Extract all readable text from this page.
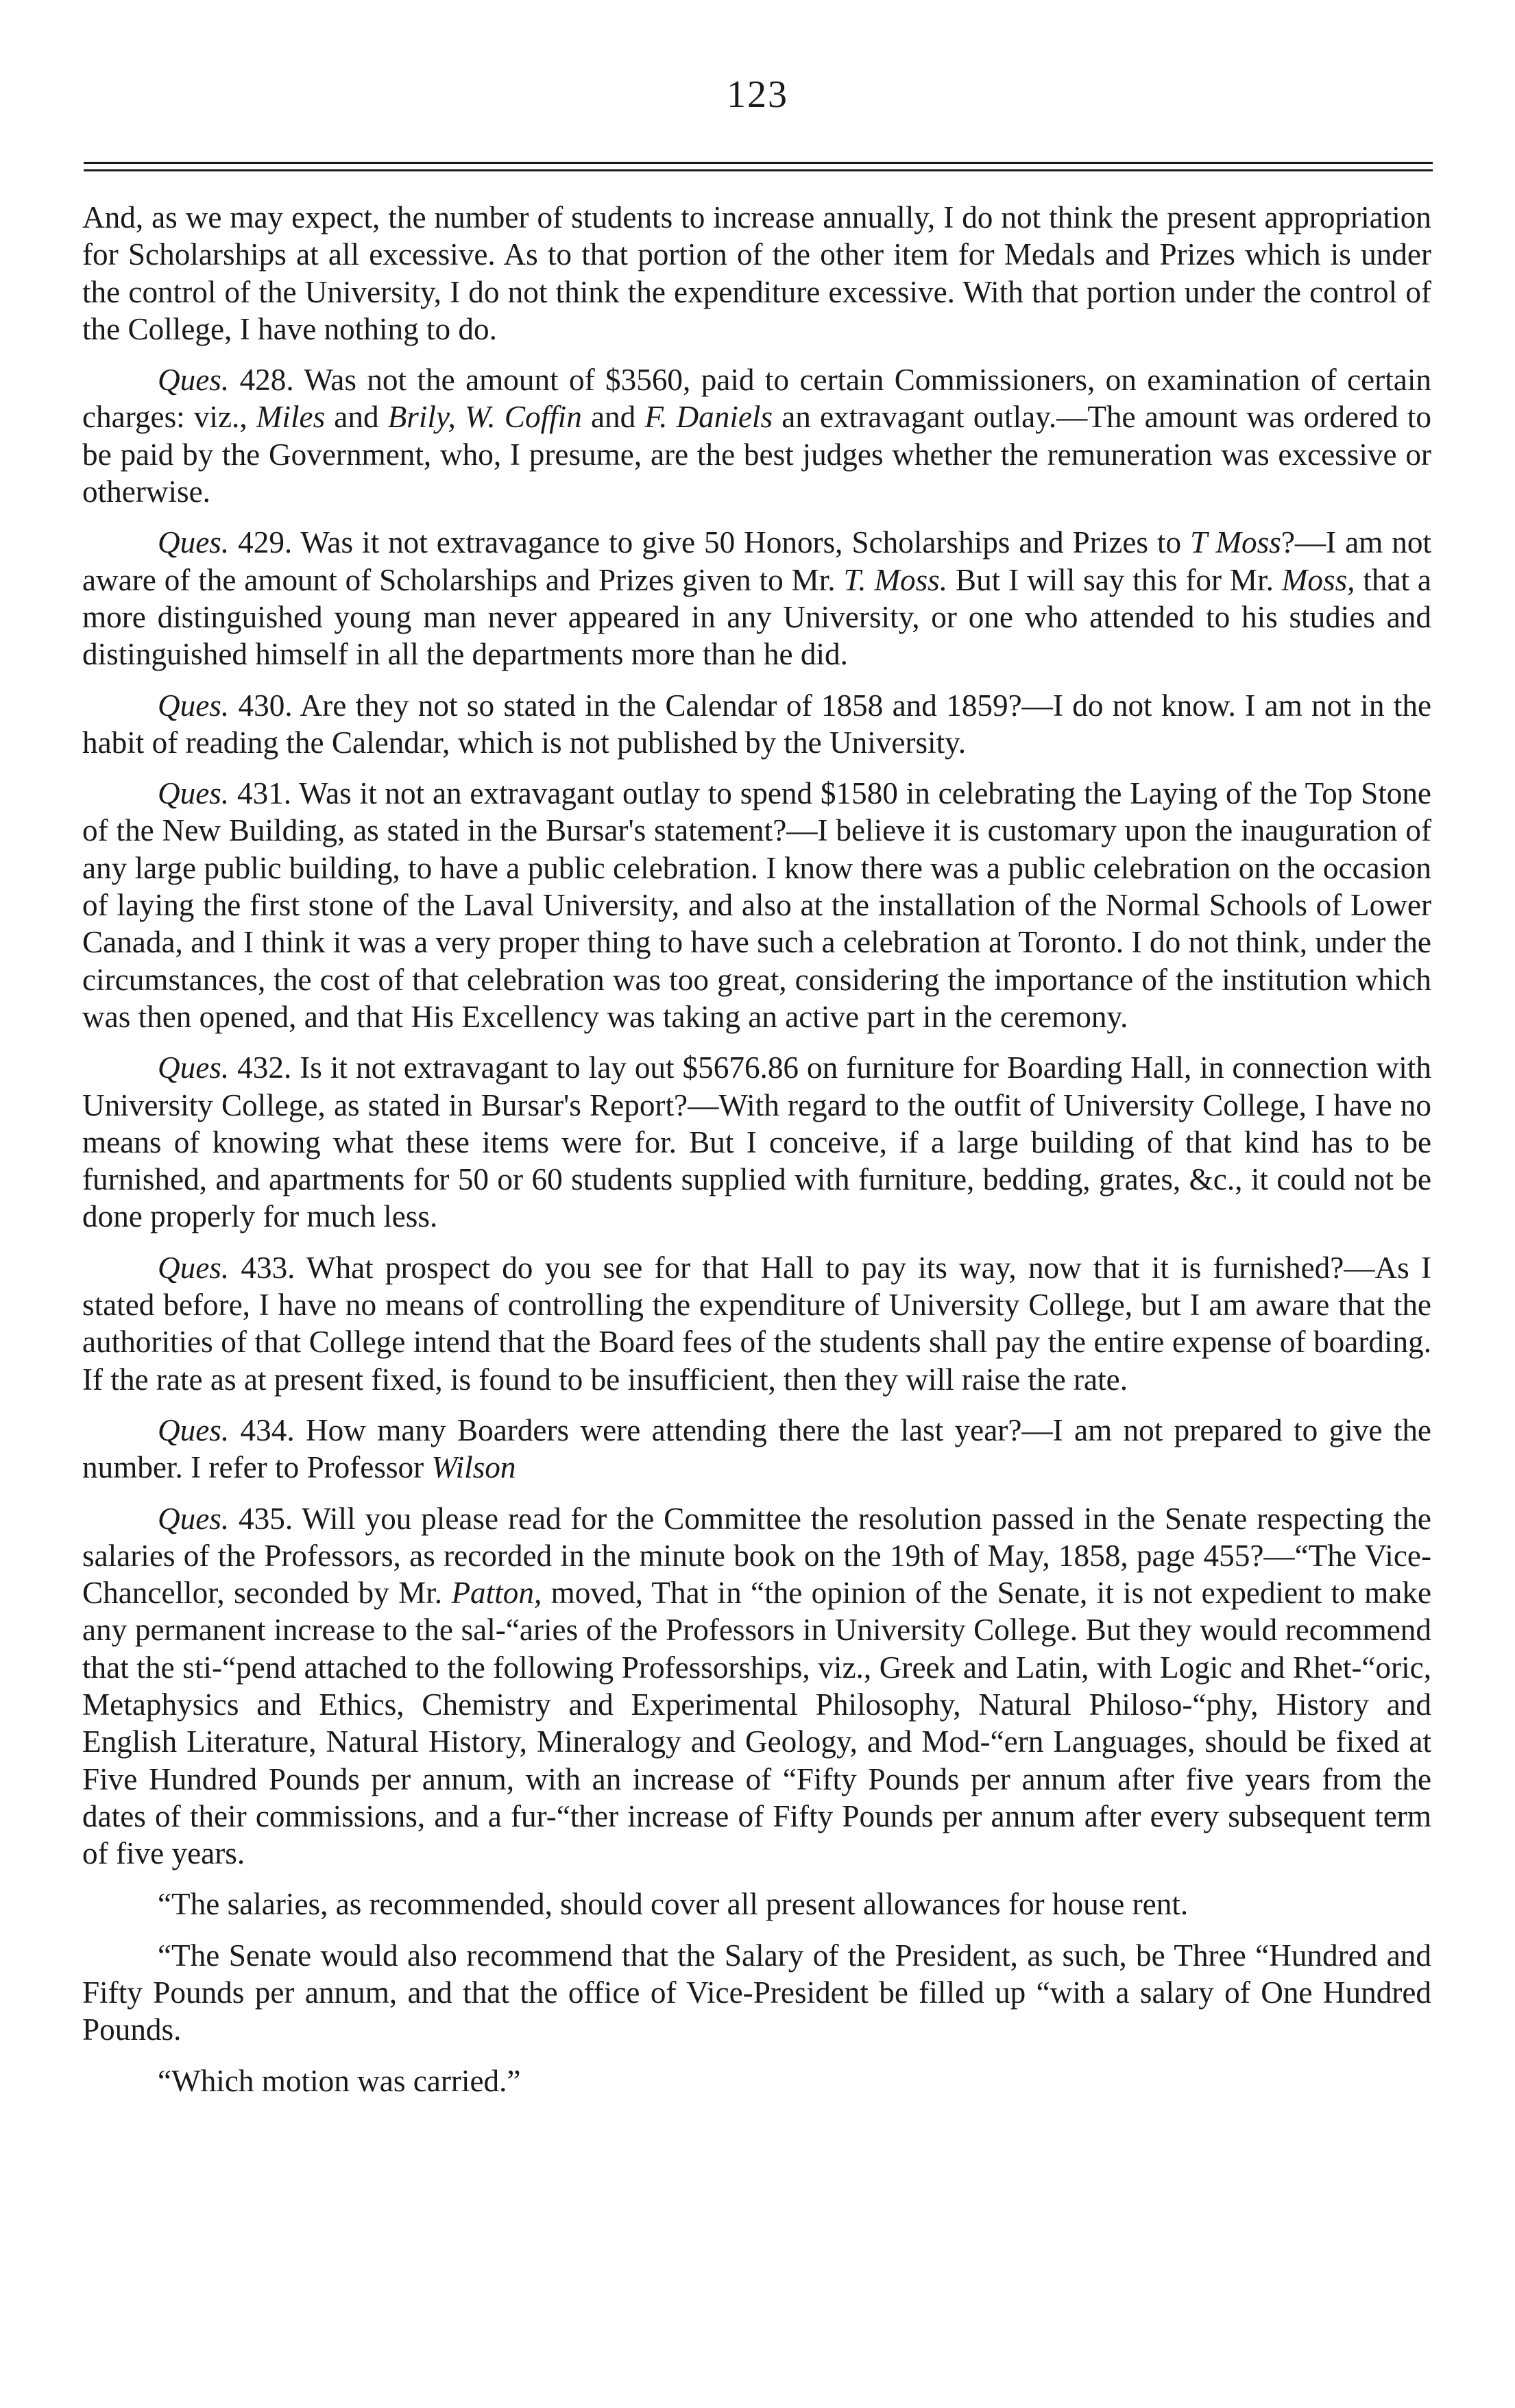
123

And, as we may expect, the number of students to increase annually, I do not think the present appropriation for Scholarships at all excessive. As to that portion of the other item for Medals and Prizes which is under the control of the University, I do not think the expenditure excessive. With that portion under the control of the College, I have nothing to do.

Ques. 428. Was not the amount of $3560, paid to certain Commissioners, on examination of certain charges: viz., Miles and Brily, W. Coffin and F. Daniels an extravagant outlay.—The amount was ordered to be paid by the Government, who, I presume, are the best judges whether the remuneration was excessive or otherwise.

Ques. 429. Was it not extravagance to give 50 Honors, Scholarships and Prizes to T Moss?—I am not aware of the amount of Scholarships and Prizes given to Mr. T. Moss. But I will say this for Mr. Moss, that a more distinguished young man never appeared in any University, or one who attended to his studies and distinguished himself in all the departments more than he did.

Ques. 430. Are they not so stated in the Calendar of 1858 and 1859?—I do not know. I am not in the habit of reading the Calendar, which is not published by the University.

Ques. 431. Was it not an extravagant outlay to spend $1580 in celebrating the Laying of the Top Stone of the New Building, as stated in the Bursar's statement?—I believe it is customary upon the inauguration of any large public building, to have a public celebration. I know there was a public celebration on the occasion of laying the first stone of the Laval University, and also at the installation of the Normal Schools of Lower Canada, and I think it was a very proper thing to have such a celebration at Toronto. I do not think, under the circumstances, the cost of that celebration was too great, considering the importance of the institution which was then opened, and that His Excellency was taking an active part in the ceremony.

Ques. 432. Is it not extravagant to lay out $5676.86 on furniture for Boarding Hall, in connection with University College, as stated in Bursar's Report?—With regard to the outfit of University College, I have no means of knowing what these items were for. But I conceive, if a large building of that kind has to be furnished, and apartments for 50 or 60 students supplied with furniture, bedding, grates, &c., it could not be done properly for much less.

Ques. 433. What prospect do you see for that Hall to pay its way, now that it is furnished?—As I stated before, I have no means of controlling the expenditure of University College, but I am aware that the authorities of that College intend that the Board fees of the students shall pay the entire expense of boarding. If the rate as at present fixed, is found to be insufficient, then they will raise the rate.

Ques. 434. How many Boarders were attending there the last year?—I am not prepared to give the number. I refer to Professor Wilson

Ques. 435. Will you please read for the Committee the resolution passed in the Senate respecting the salaries of the Professors, as recorded in the minute book on the 19th of May, 1858, page 455?—“The Vice-Chancellor, seconded by Mr. Patton, moved, That in “the opinion of the Senate, it is not expedient to make any permanent increase to the sal-“aries of the Professors in University College. But they would recommend that the sti-“pend attached to the following Professorships, viz., Greek and Latin, with Logic and Rhet-“oric, Metaphysics and Ethics, Chemistry and Experimental Philosophy, Natural Philoso-“phy, History and English Literature, Natural History, Mineralogy and Geology, and Mod-“ern Languages, should be fixed at Five Hundred Pounds per annum, with an increase of “Fifty Pounds per annum after five years from the dates of their commissions, and a fur-“ther increase of Fifty Pounds per annum after every subsequent term of five years.

“The salaries, as recommended, should cover all present allowances for house rent.

“The Senate would also recommend that the Salary of the President, as such, be Three “Hundred and Fifty Pounds per annum, and that the office of Vice-President be filled up “with a salary of One Hundred Pounds.

“Which motion was carried.”
